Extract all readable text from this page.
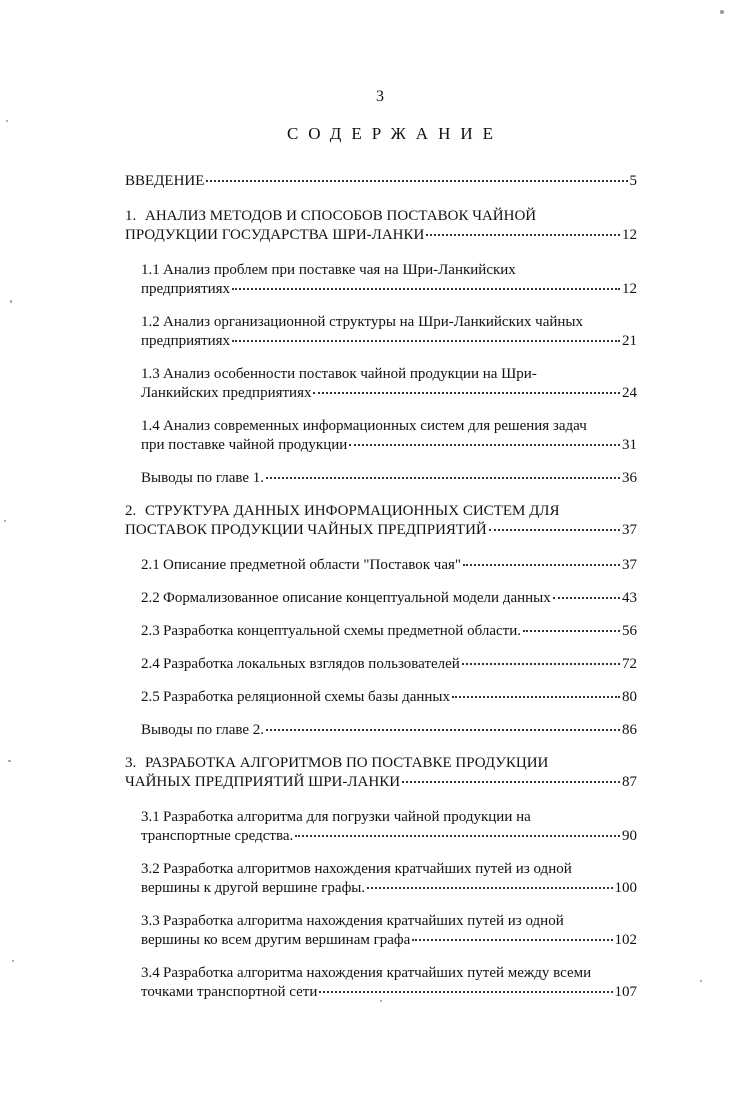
3
СОДЕРЖАНИЕ
ВВЕДЕНИЕ	5
1. АНАЛИЗ МЕТОДОВ И СПОСОБОВ ПОСТАВОК ЧАЙНОЙ
ПРОДУКЦИИ ГОСУДАРСТВА ШРИ-ЛАНКИ	12
1.1 Анализ проблем при поставке чая на Шри-Ланкийских
предприятиях	12
1.2 Анализ организационной структуры на Шри-Ланкийских чайных
предприятиях	21
1.3 Анализ особенности поставок чайной продукции на Шри-
Ланкийских предприятиях	24
1.4 Анализ современных информационных систем для решения задач
при поставке чайной продукции	31
Выводы по главе 1.	36
2. СТРУКТУРА ДАННЫХ ИНФОРМАЦИОННЫХ СИСТЕМ ДЛЯ
ПОСТАВОК ПРОДУКЦИИ ЧАЙНЫХ ПРЕДПРИЯТИЙ	37
2.1 Описание предметной области "Поставок чая"	37
2.2 Формализованное описание концептуальной модели данных	43
2.3 Разработка концептуальной схемы предметной области.	56
2.4 Разработка локальных взглядов пользователей	72
2.5 Разработка реляционной схемы базы данных	80
Выводы по главе 2.	86
3. РАЗРАБОТКА АЛГОРИТМОВ ПО ПОСТАВКЕ ПРОДУКЦИИ
ЧАЙНЫХ ПРЕДПРИЯТИЙ ШРИ-ЛАНКИ	87
3.1 Разработка алгоритма для погрузки чайной продукции на
транспортные средства.	90
3.2 Разработка алгоритмов нахождения кратчайших путей из одной
вершины к другой вершине графы.	100
3.3 Разработка алгоритма нахождения кратчайших путей из одной
вершины ко всем другим вершинам графа	102
3.4 Разработка алгоритма нахождения кратчайших путей между всеми
точками транспортной сети	107
